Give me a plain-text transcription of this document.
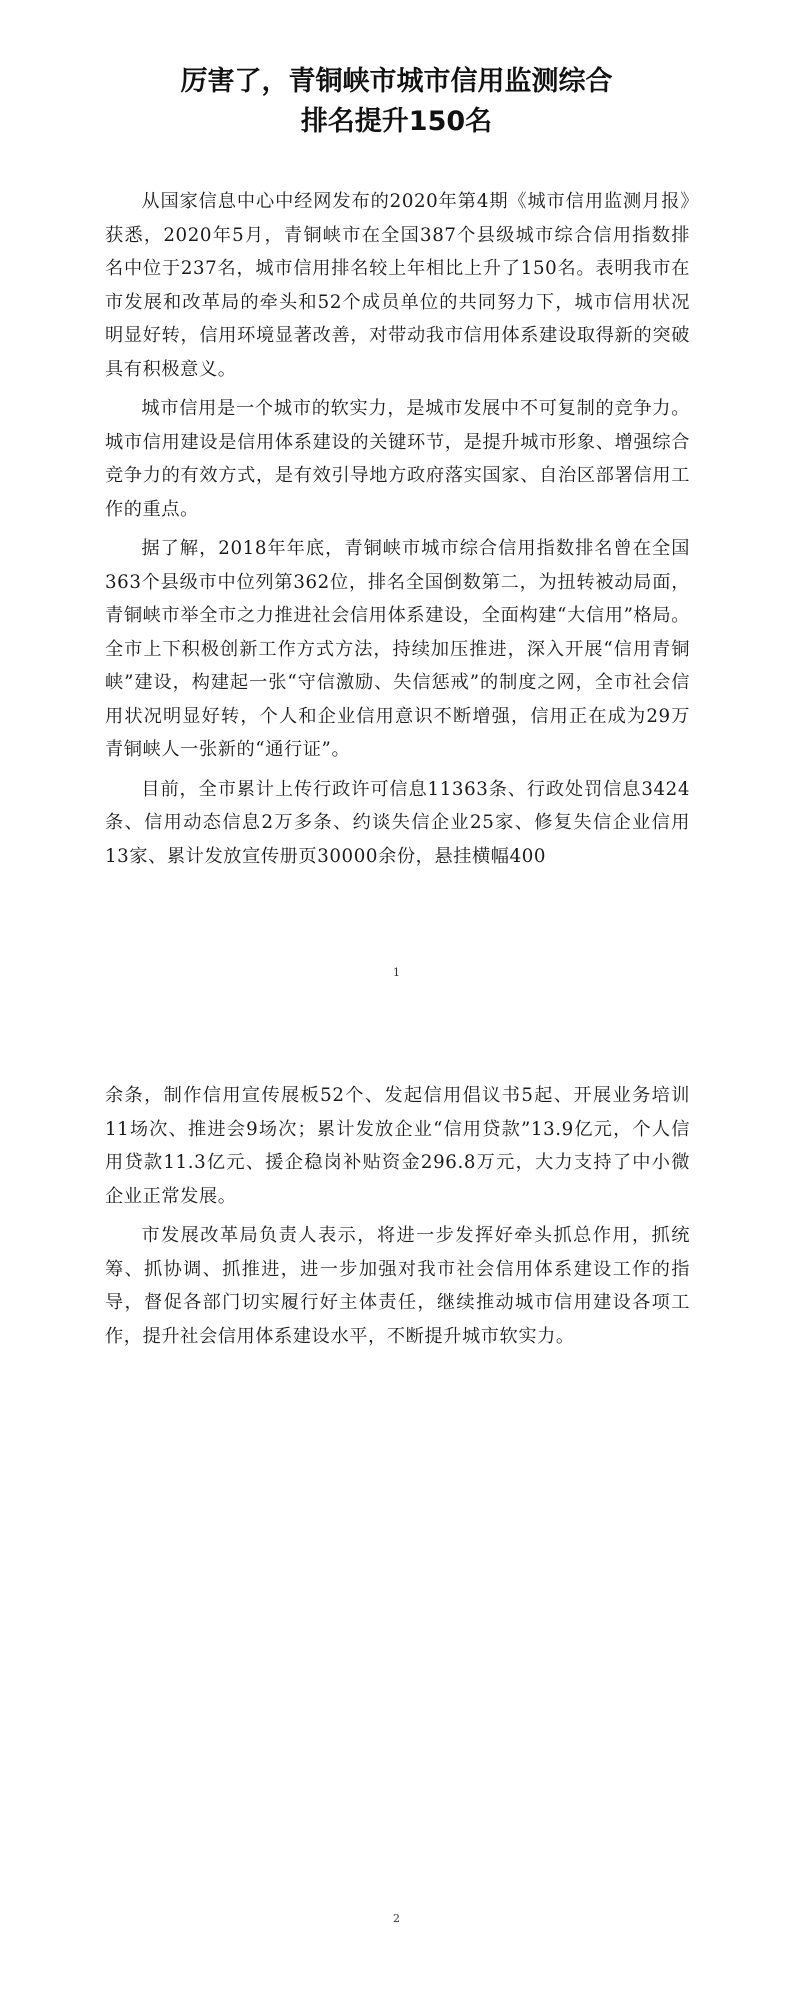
厉害了，青铜峡市城市信用监测综合
排名提升150名

从国家信息中心中经网发布的2020年第4期《城市信用监测月报》获悉，2020年5月，青铜峡市在全国387个县级城市综合信用指数排名中位于237名，城市信用排名较上年相比上升了150名。表明我市在市发展和改革局的牵头和52个成员单位的共同努力下，城市信用状况明显好转，信用环境显著改善，对带动我市信用体系建设取得新的突破具有积极意义。

城市信用是一个城市的软实力，是城市发展中不可复制的竞争力。城市信用建设是信用体系建设的关键环节，是提升城市形象、增强综合竞争力的有效方式，是有效引导地方政府落实国家、自治区部署信用工作的重点。

据了解，2018年年底，青铜峡市城市综合信用指数排名曾在全国363个县级市中位列第362位，排名全国倒数第二，为扭转被动局面，青铜峡市举全市之力推进社会信用体系建设，全面构建“大信用”格局。全市上下积极创新工作方式方法，持续加压推进，深入开展“信用青铜峡”建设，构建起一张“守信激励、失信惩戒”的制度之网，全市社会信用状况明显好转，个人和企业信用意识不断增强，信用正在成为29万青铜峡人一张新的“通行证”。

目前，全市累计上传行政许可信息11363条、行政处罚信息3424条、信用动态信息2万多条、约谈失信企业25家、修复失信企业信用13家、累计发放宣传册页30000余份，悬挂横幅400

1

余条，制作信用宣传展板52个、发起信用倡议书5起、开展业务培训11场次、推进会9场次；累计发放企业“信用贷款”13.9亿元，个人信用贷款11.3亿元、援企稳岗补贴资金296.8万元，大力支持了中小微企业正常发展。

市发展改革局负责人表示，将进一步发挥好牵头抓总作用，抓统筹、抓协调、抓推进，进一步加强对我市社会信用体系建设工作的指导，督促各部门切实履行好主体责任，继续推动城市信用建设各项工作，提升社会信用体系建设水平，不断提升城市软实力。

2
